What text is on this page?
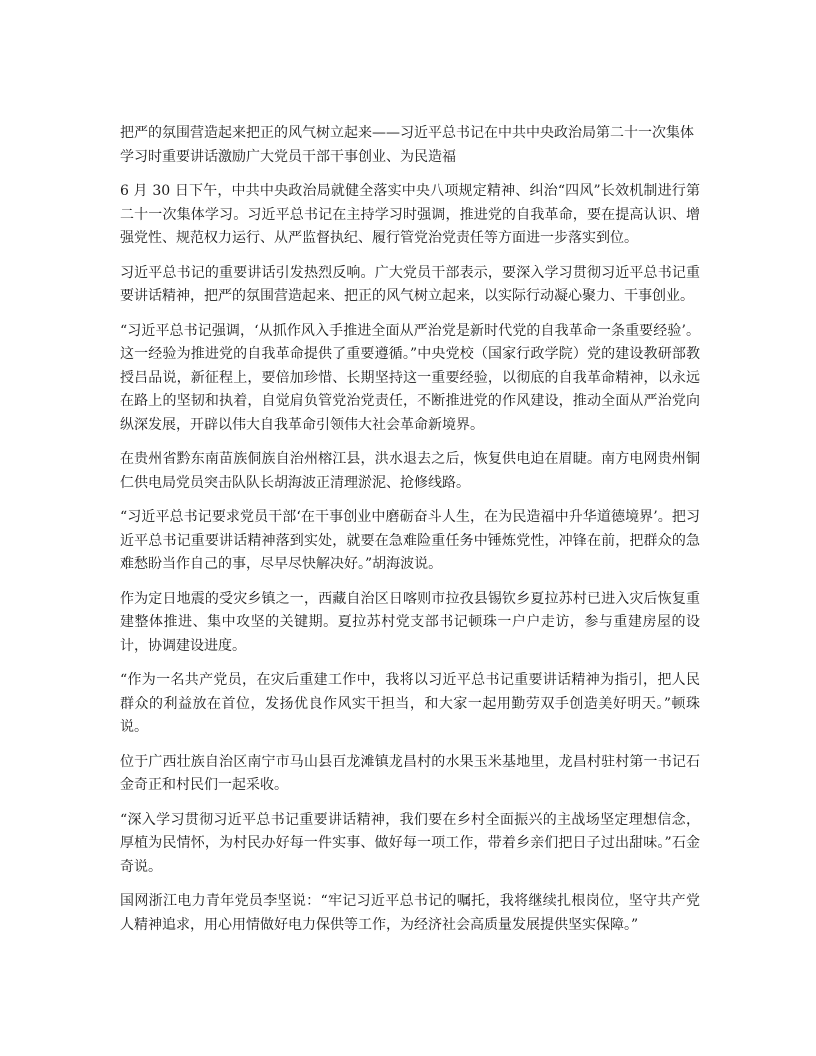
把严的氛围营造起来把正的风气树立起来——习近平总书记在中共中央政治局第二十一次集体学习时重要讲话激励广大党员干部干事创业、为民造福

6 月 30 日下午，中共中央政治局就健全落实中央八项规定精神、纠治“四风”长效机制进行第二十一次集体学习。习近平总书记在主持学习时强调，推进党的自我革命，要在提高认识、增强党性、规范权力运行、从严监督执纪、履行管党治党责任等方面进一步落实到位。

习近平总书记的重要讲话引发热烈反响。广大党员干部表示，要深入学习贯彻习近平总书记重要讲话精神，把严的氛围营造起来、把正的风气树立起来，以实际行动凝心聚力、干事创业。

“习近平总书记强调，‘从抓作风入手推进全面从严治党是新时代党的自我革命一条重要经验’。这一经验为推进党的自我革命提供了重要遵循。”中央党校（国家行政学院）党的建设教研部教授吕品说，新征程上，要倍加珍惜、长期坚持这一重要经验，以彻底的自我革命精神，以永远在路上的坚韧和执着，自觉肩负管党治党责任，不断推进党的作风建设，推动全面从严治党向纵深发展，开辟以伟大自我革命引领伟大社会革命新境界。

在贵州省黔东南苗族侗族自治州榕江县，洪水退去之后，恢复供电迫在眉睫。南方电网贵州铜仁供电局党员突击队队长胡海波正清理淤泥、抢修线路。

“习近平总书记要求党员干部‘在干事创业中磨砺奋斗人生，在为民造福中升华道德境界’。把习近平总书记重要讲话精神落到实处，就要在急难险重任务中锤炼党性，冲锋在前，把群众的急难愁盼当作自己的事，尽早尽快解决好。”胡海波说。

作为定日地震的受灾乡镇之一，西藏自治区日喀则市拉孜县锡钦乡夏拉苏村已进入灾后恢复重建整体推进、集中攻坚的关键期。夏拉苏村党支部书记顿珠一户户走访，参与重建房屋的设计，协调建设进度。

“作为一名共产党员，在灾后重建工作中，我将以习近平总书记重要讲话精神为指引，把人民群众的利益放在首位，发扬优良作风实干担当，和大家一起用勤劳双手创造美好明天。”顿珠说。

位于广西壮族自治区南宁市马山县百龙滩镇龙昌村的水果玉米基地里，龙昌村驻村第一书记石金奇正和村民们一起采收。

“深入学习贯彻习近平总书记重要讲话精神，我们要在乡村全面振兴的主战场坚定理想信念，厚植为民情怀，为村民办好每一件实事、做好每一项工作，带着乡亲们把日子过出甜味。”石金奇说。

国网浙江电力青年党员李坚说：“牢记习近平总书记的嘱托，我将继续扎根岗位，坚守共产党人精神追求，用心用情做好电力保供等工作，为经济社会高质量发展提供坚实保障。”
